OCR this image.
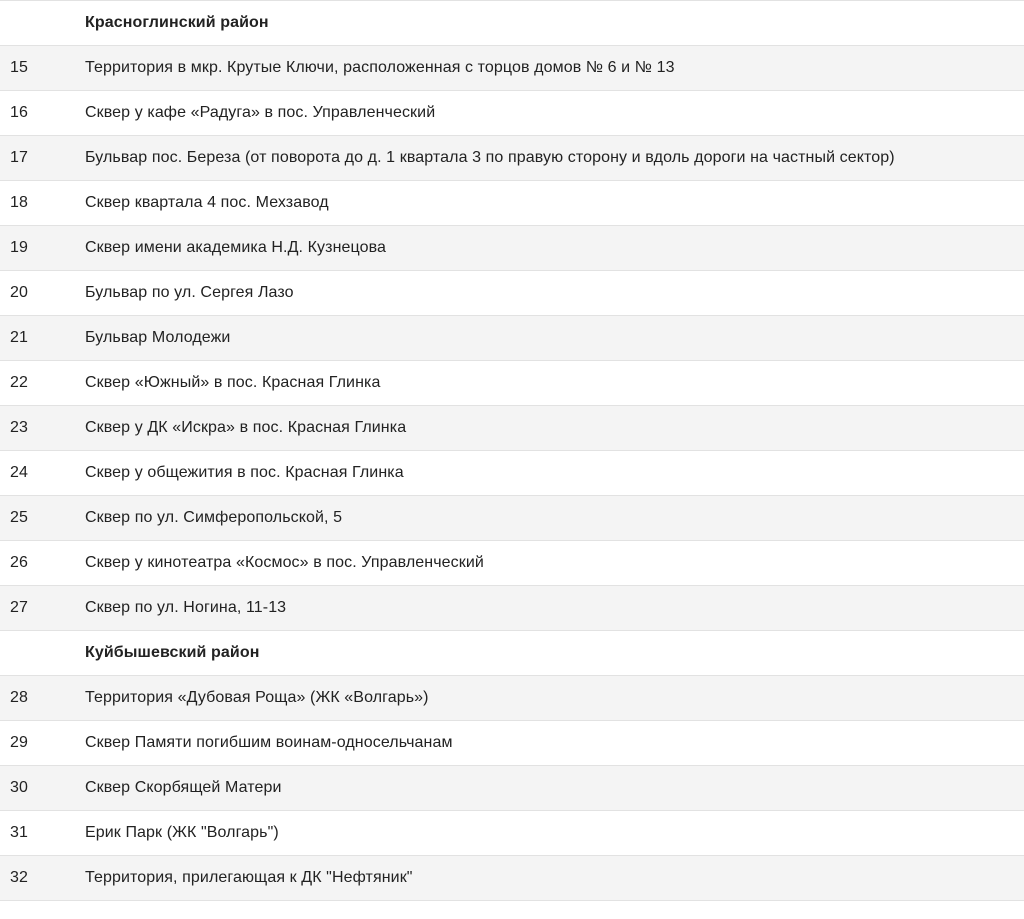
Красноглинский район
15	Территория в мкр. Крутые Ключи, расположенная с торцов домов № 6 и № 13
16	Сквер у кафе «Радуга» в пос. Управленческий
17	Бульвар пос. Береза (от поворота до д. 1 квартала 3 по правую сторону и вдоль дороги на частный сектор)
18	Сквер квартала 4 пос. Мехзавод
19	Сквер имени академика Н.Д. Кузнецова
20	Бульвар по ул. Сергея Лазо
21	Бульвар Молодежи
22	Сквер «Южный» в пос. Красная Глинка
23	Сквер у ДК «Искра» в пос. Красная Глинка
24	Сквер у общежития в пос. Красная Глинка
25	Сквер по ул. Симферопольской, 5
26	Сквер у кинотеатра «Космос» в пос. Управленческий
27	Сквер по ул. Ногина, 11-13
Куйбышевский район
28	Территория «Дубовая Роща» (ЖК «Волгарь»)
29	Сквер Памяти погибшим воинам-односельчанам
30	Сквер Скорбящей Матери
31	Ерик Парк (ЖК "Волгарь")
32	Территория, прилегающая к ДК "Нефтяник"
